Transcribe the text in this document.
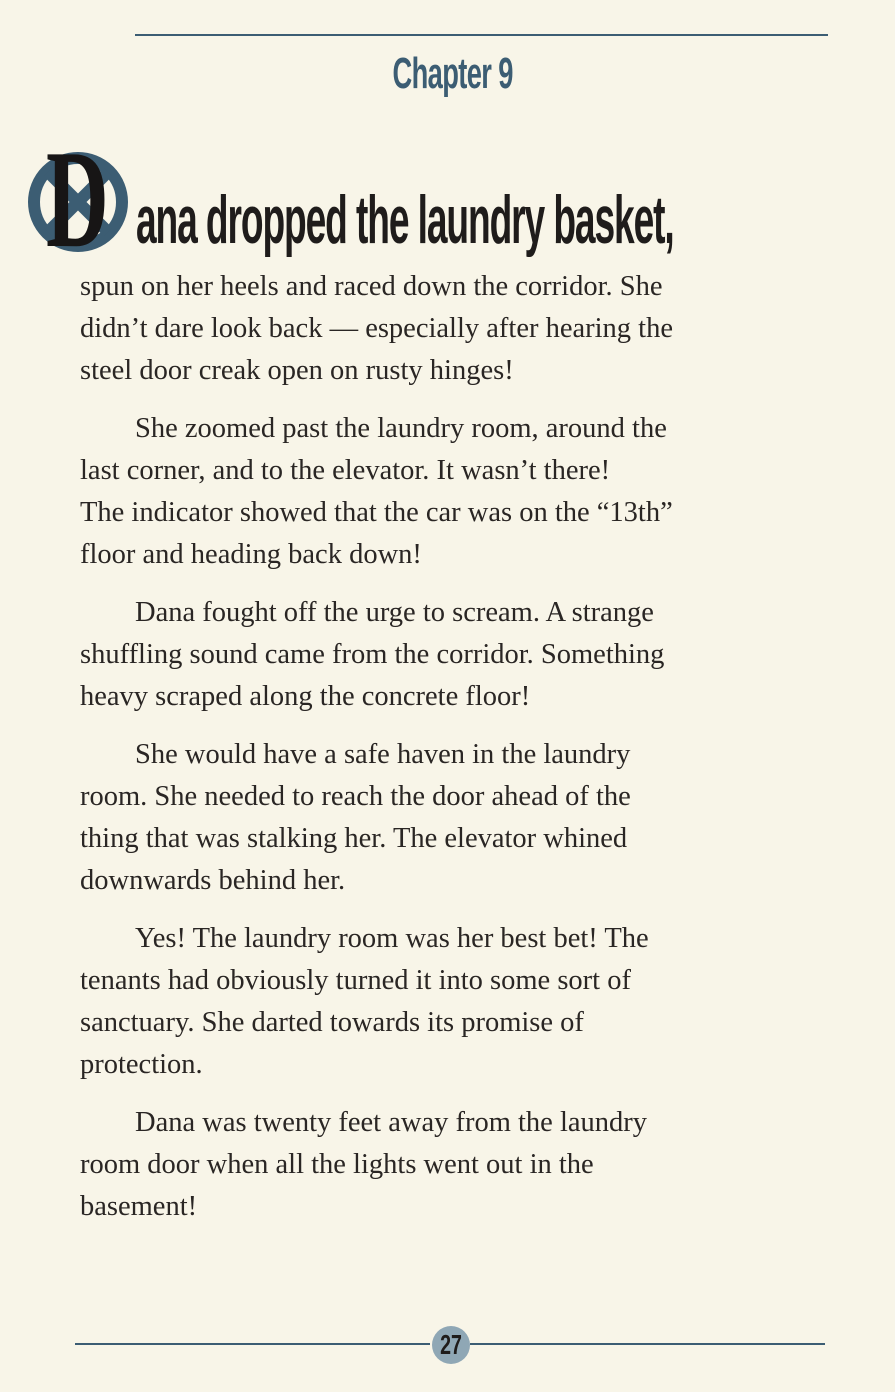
Chapter 9
D ana dropped the laundry basket,

spun on her heels and raced down the corridor. She
didn’t dare look back — especially after hearing the
steel door creak open on rusty hinges!

She zoomed past the laundry room, around the
last corner, and to the elevator. It wasn’t there!
The indicator showed that the car was on the “13th”
floor and heading back down!

Dana fought off the urge to scream. A strange
shuffling sound came from the corridor. Something
heavy scraped along the concrete floor!

She would have a safe haven in the laundry
room. She needed to reach the door ahead of the
thing that was stalking her. The elevator whined
downwards behind her.

Yes! The laundry room was her best bet! The
tenants had obviously turned it into some sort of
sanctuary. She darted towards its promise of
protection.

Dana was twenty feet away from the laundry
room door when all the lights went out in the
basement!

27
